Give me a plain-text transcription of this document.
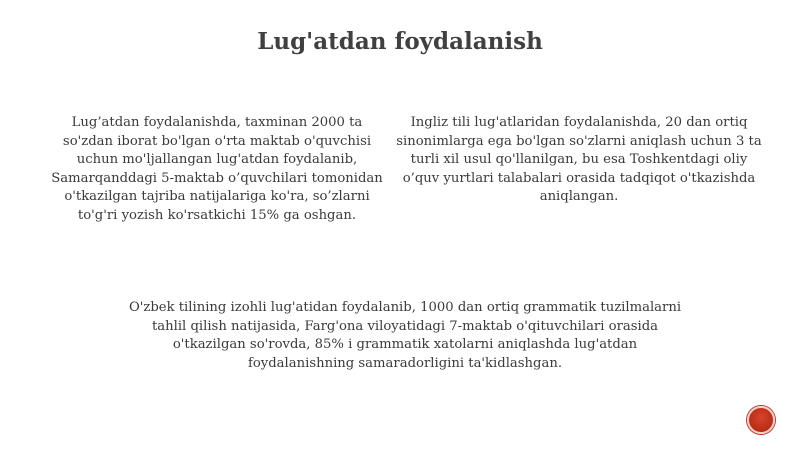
Lug'atdan foydalanish

Lug’atdan foydalanishda, taxminan 2000 ta so'zdan iborat bo'lgan o'rta maktab o'quvchisi uchun mo'ljallangan lug'atdan foydalanib, Samarqanddagi 5-maktab o’quvchilari tomonidan o'tkazilgan tajriba natijalariga ko'ra, so’zlarni to'g'ri yozish ko'rsatkichi 15% ga oshgan.

Ingliz tili lug'atlaridan foydalanishda, 20 dan ortiq sinonimlarga ega bo'lgan so'zlarni aniqlash uchun 3 ta turli xil usul qo'llanilgan, bu esa Toshkentdagi oliy o’quv yurtlari talabalari orasida tadqiqot o'tkazishda aniqlangan.

O'zbek tilining izohli lug'atidan foydalanib, 1000 dan ortiq grammatik tuzilmalarni tahlil qilish natijasida, Farg'ona viloyatidagi 7-maktab o'qituvchilari orasida o'tkazilgan so'rovda, 85% i grammatik xatolarni aniqlashda lug'atdan foydalanishning samaradorligini ta'kidlashgan.
